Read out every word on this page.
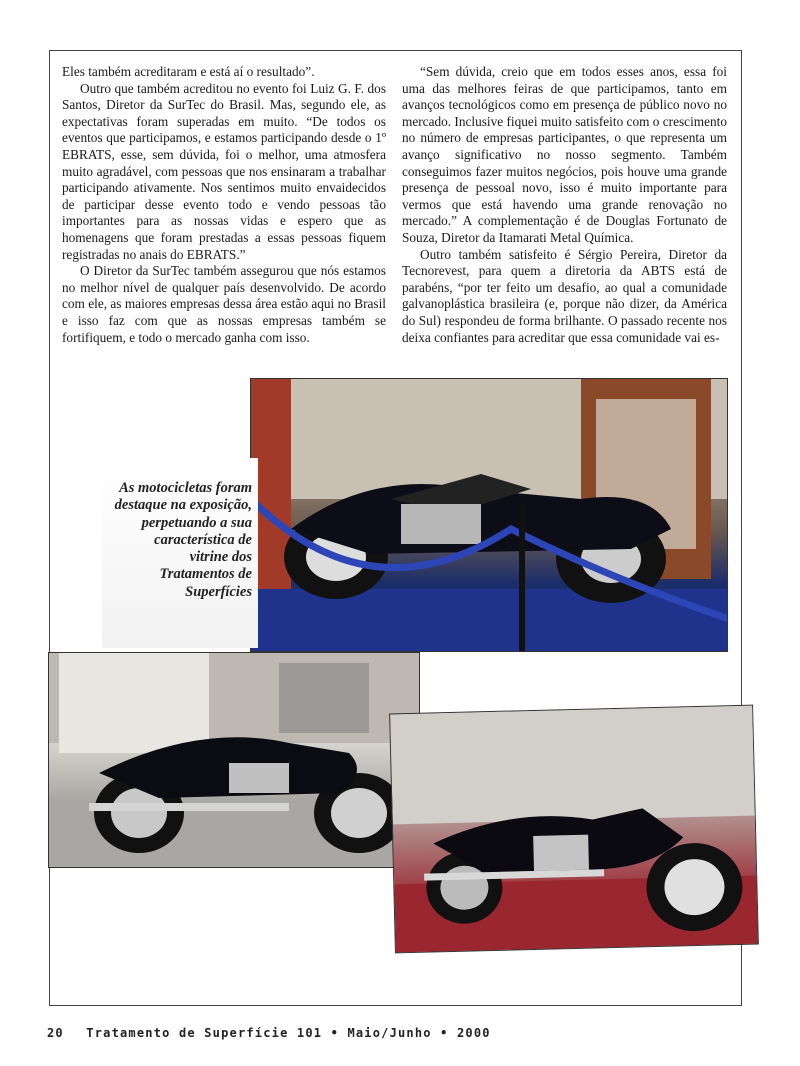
Eles também acreditaram e está aí o resultado”.

Outro que também acreditou no evento foi Luiz G. F. dos Santos, Diretor da SurTec do Brasil. Mas, segundo ele, as expectativas foram superadas em muito. “De todos os eventos que participamos, e estamos participando desde o 1º EBRATS, esse, sem dúvida, foi o melhor, uma atmosfera muito agradável, com pessoas que nos ensinaram a trabalhar participando ativamente. Nos sentimos muito envaidecidos de participar desse evento todo e vendo pessoas tão importantes para as nossas vidas e espero que as homenagens que foram prestadas a essas pessoas fiquem registradas no anais do EBRATS.”

O Diretor da SurTec também assegurou que nós estamos no melhor nível de qualquer país desenvolvido. De acordo com ele, as maiores empresas dessa área estão aqui no Brasil e isso faz com que as nossas empresas também se fortifiquem, e todo o mercado ganha com isso.

“Sem dúvida, creio que em todos esses anos, essa foi uma das melhores feiras de que participamos, tanto em avanços tecnológicos como em presença de público novo no mercado. Inclusive fiquei muito satisfeito com o crescimento no número de empresas participantes, o que representa um avanço significativo no nosso segmento. Também conseguimos fazer muitos negócios, pois houve uma grande presença de pessoal novo, isso é muito importante para vermos que está havendo uma grande renovação no mercado.” A complementação é de Douglas Fortunato de Souza, Diretor da Itamarati Metal Química.

Outro também satisfeito é Sérgio Pereira, Diretor da Tecnorevest, para quem a diretoria da ABTS está de parabéns, “por ter feito um desafio, ao qual a comunidade galvanoplástica brasileira (e, porque não dizer, da América do Sul) respondeu de forma brilhante. O passado recente nos deixa confiantes para acreditar que essa comunidade vai es-

As motocicletas foram destaque na exposição, perpetuando a sua característica de vitrine dos Tratamentos de Superfícies
20 Tratamento de Superfície 101 • Maio/Junho • 2000
